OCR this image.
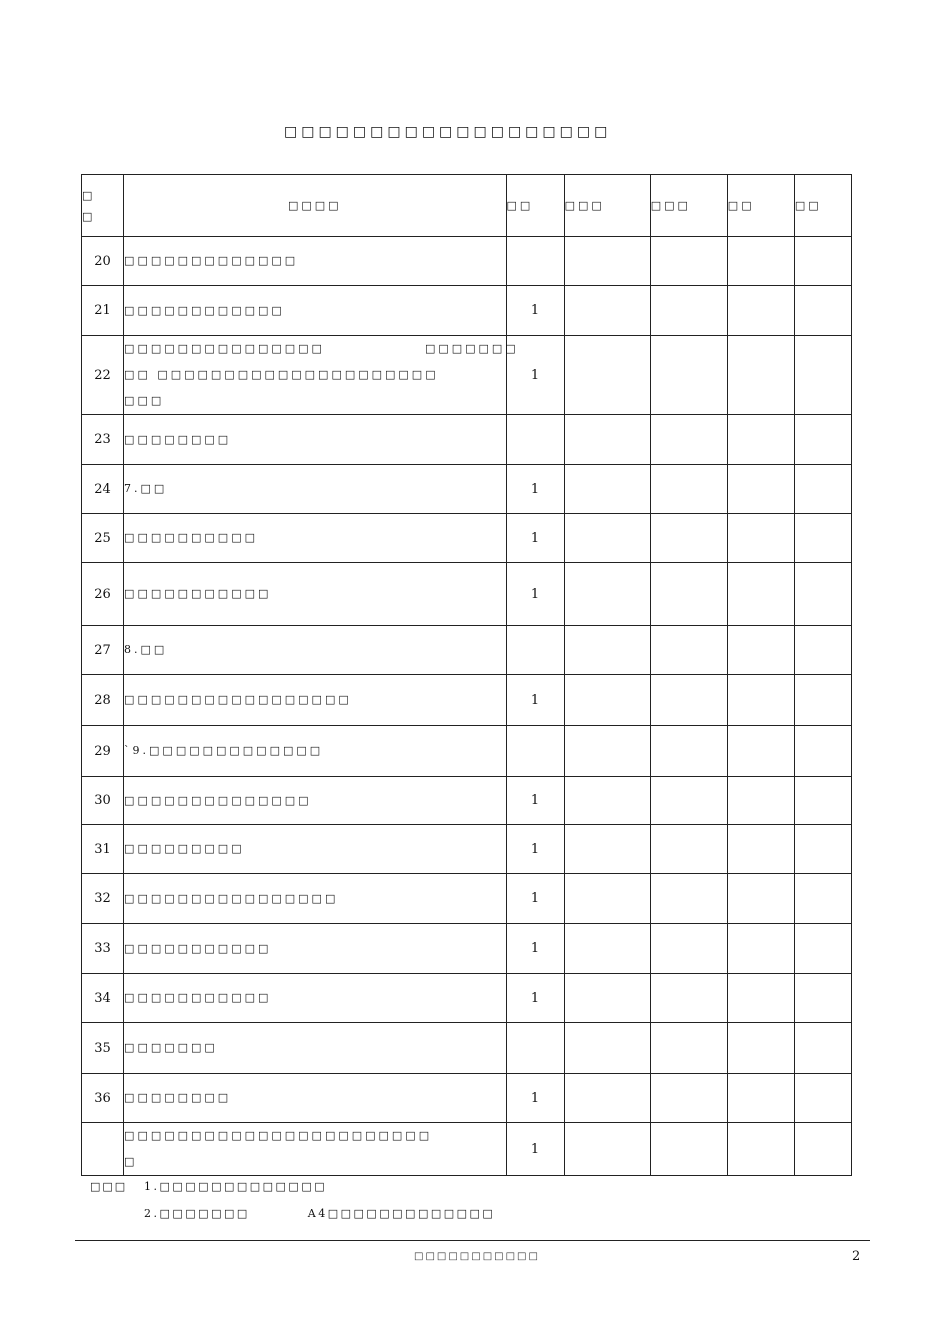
□□□□□□□□□□□□□□□□□□□
□
□	□□□□	□□	□□□	□□□	□□	□□
20	□□□□□□□□□□□□□					

21	□□□□□□□□□□□□	1				
22	□□□□□□□□□□□□□□□ □□□□□□□
□□ □□□□□□□□□□□□□□□□□□□□□
□□□	1				
23	□□□□□□□□					

24	7.□□	1				
25	□□□□□□□□□□	1				
26	□□□□□□□□□□□	1				
27	8.□□					

28	□□□□□□□□□□□□□□□□□	1				
29	`9.□□□□□□□□□□□□□					

30	□□□□□□□□□□□□□□	1				
31	□□□□□□□□□	1				
32	□□□□□□□□□□□□□□□□	1				
33	□□□□□□□□□□□	1				
34	□□□□□□□□□□□	1				
35	□□□□□□□					

36	□□□□□□□□	1				

	□□□□□□□□□□□□□□□□□□□□□□□
□	1				
□□□ 1.□□□□□□□□□□□□□
2.□□□□□□□	A4□□□□□□□□□□□□□
□□□□□□□□□□□	2
